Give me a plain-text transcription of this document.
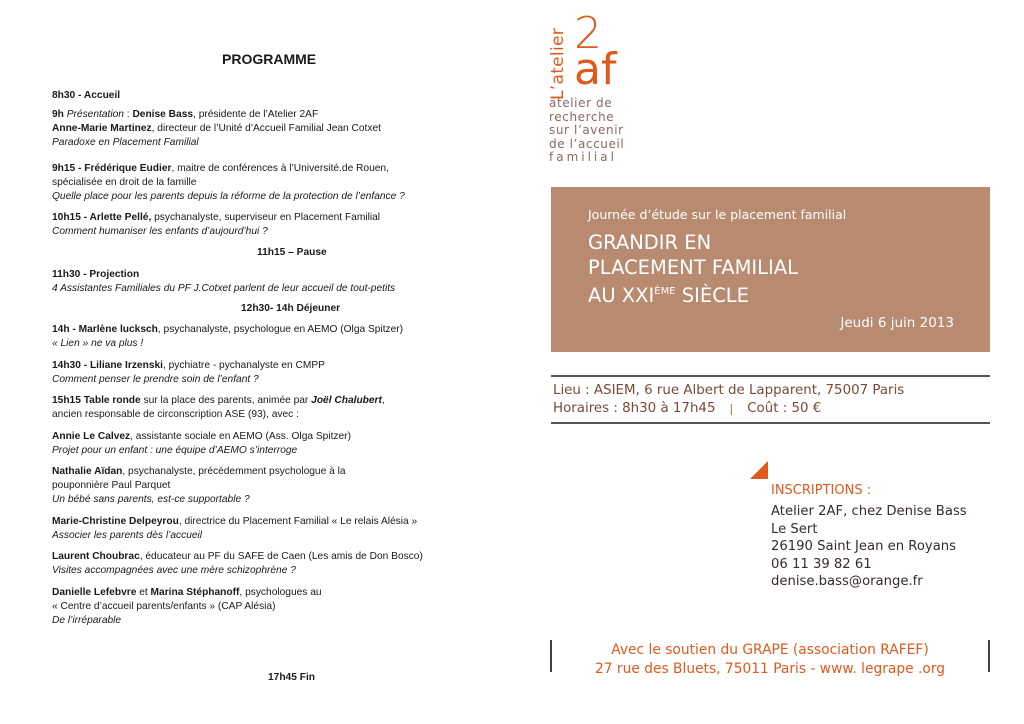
PROGRAMME
8h30 - Accueil
9h Présentation : Denise Bass, présidente de l’Atelier 2AF
Anne-Marie Martinez, directeur de l’Unité d’Accueil Familial Jean Cotxet
Paradoxe en Placement Familial
9h15 - Frédérique Eudier, maitre de conférences à l’Université.de Rouen,
spécialisée en droit de la famille
Quelle place pour les parents depuis la réforme de la protection de l’enfance ?
10h15 - Arlette Pellé, psychanalyste, superviseur en Placement Familial
Comment humaniser les enfants d’aujourd’hui ?
11h15 – Pause
11h30 - Projection
4 Assistantes Familiales du PF J.Cotxet parlent de leur accueil de tout-petits
12h30- 14h Déjeuner
14h - Marlène lucksch, psychanalyste, psychologue en AEMO (Olga Spitzer)
« Lien » ne va plus !
14h30 - Liliane Irzenski, pychiatre - pychanalyste en CMPP
Comment penser le prendre soin de l’enfant ?
15h15 Table ronde sur la place des parents, animée par Joël Chalubert,
ancien responsable de circonscription ASE (93), avec :
Annie Le Calvez, assistante sociale en AEMO (Ass. Olga Spitzer)
Projet pour un enfant : une équipe d’AEMO s’interroge
Nathalie Aïdan, psychanalyste, précédemment psychologue à la
pouponnière Paul Parquet
Un bébé sans parents, est-ce supportable ?
Marie-Christine Delpeyrou, directrice du Placement Familial « Le relais Alésia »
Associer les parents dès l’accueil
Laurent Choubrac, éducateur au PF du SAFE de Caen (Les amis de Don Bosco)
Visites accompagnées avec une mère schizophrène ?
Danielle Lefebvre et Marina Stéphanoff, psychologues au
« Centre d’accueil parents/enfants » (CAP Alésia)
De l’irréparable
17h45 Fin
L’atelier 2
af
atelier de
recherche
sur l’avenir
de l’accueil
familial
Journée d’étude sur le placement familial
GRANDIR EN
PLACEMENT FAMILIAL
AU XXIÈME SIÈCLE
Jeudi 6 juin 2013
Lieu : ASIEM, 6 rue Albert de Lapparent, 75007 Paris
Horaires : 8h30 à 17h45 | Coût : 50 €
INSCRIPTIONS :
Atelier 2AF, chez Denise Bass
Le Sert
26190 Saint Jean en Royans
06 11 39 82 61
denise.bass@orange.fr
Avec le soutien du GRAPE (association RAFEF)
27 rue des Bluets, 75011 Paris - www. legrape .org
